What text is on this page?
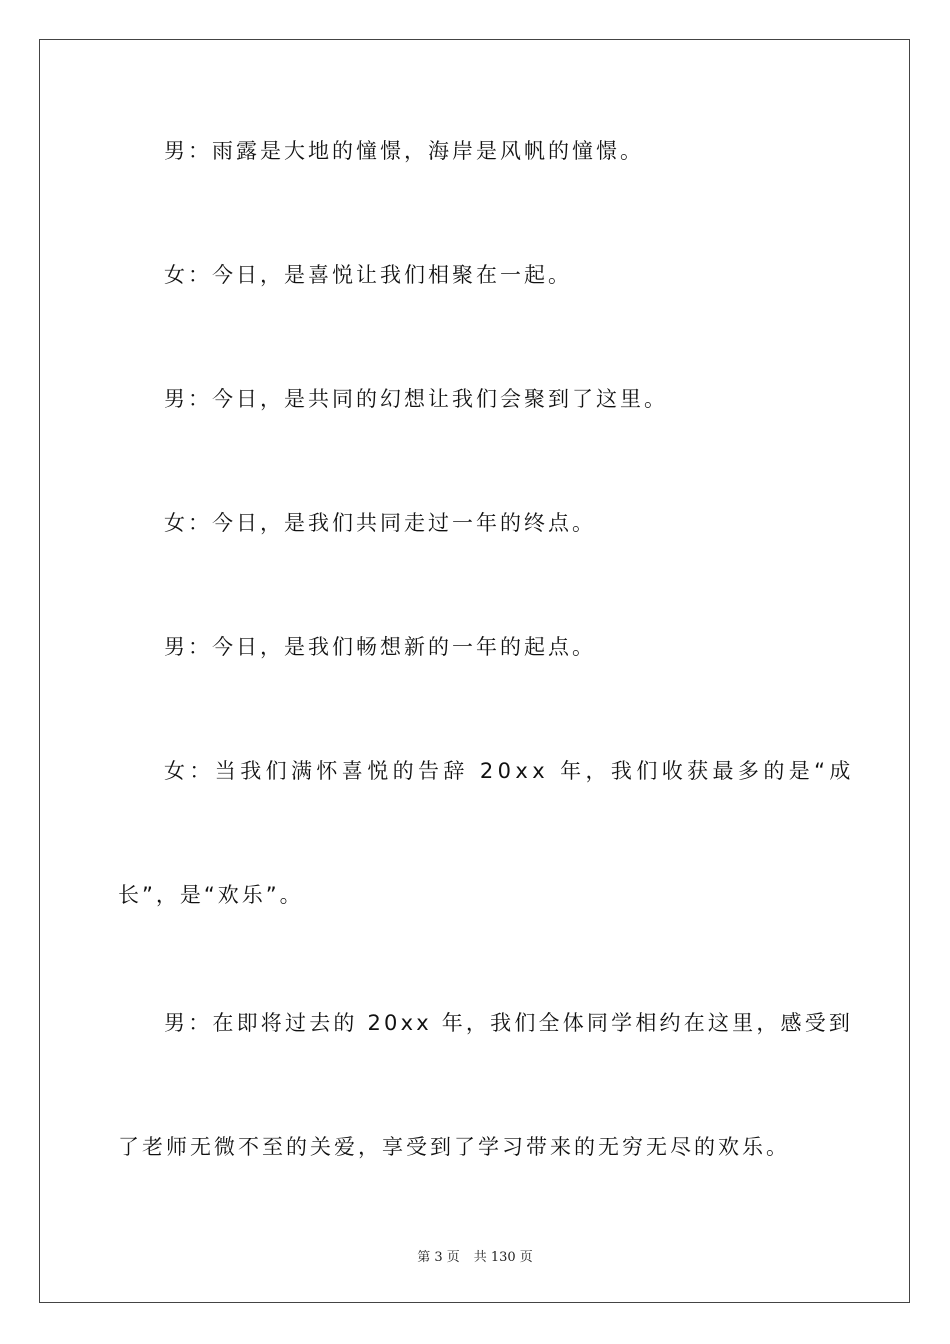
男：雨露是大地的憧憬，海岸是风帆的憧憬。

女：今日，是喜悦让我们相聚在一起。

男：今日，是共同的幻想让我们会聚到了这里。

女：今日，是我们共同走过一年的终点。

男：今日，是我们畅想新的一年的起点。

女：当我们满怀喜悦的告辞 20xx 年，我们收获最多的是“成

长”，是“欢乐”。

男：在即将过去的 20xx 年，我们全体同学相约在这里，感受到

了老师无微不至的关爱，享受到了学习带来的无穷无尽的欢乐。

第 3 页 共 130 页
